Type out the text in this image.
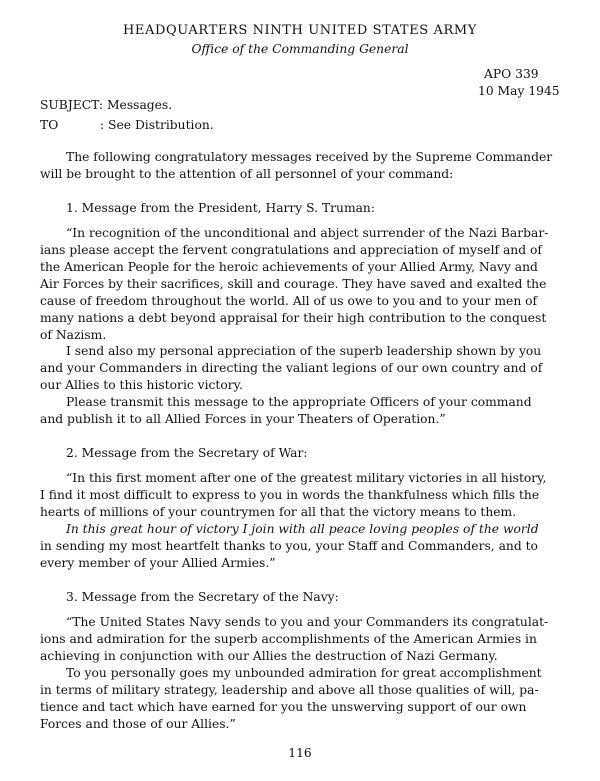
HEADQUARTERS NINTH UNITED STATES ARMY
Office of the Commanding General
APO 339
10 May 1945
SUBJECT: Messages.
TO	: See Distribution.
The following congratulatory messages received by the Supreme Commander
will be brought to the attention of all personnel of your command:
1. Message from the President, Harry S. Truman:
“In recognition of the unconditional and abject surrender of the Nazi Barbar-
ians please accept the fervent congratulations and appreciation of myself and of
the American People for the heroic achievements of your Allied Army, Navy and
Air Forces by their sacrifices, skill and courage. They have saved and exalted the
cause of freedom throughout the world. All of us owe to you and to your men of
many nations a debt beyond appraisal for their high contribution to the conquest
of Nazism.
I send also my personal appreciation of the superb leadership shown by you
and your Commanders in directing the valiant legions of our own country and of
our Allies to this historic victory.
Please transmit this message to the appropriate Officers of your command
and publish it to all Allied Forces in your Theaters of Operation.”
2. Message from the Secretary of War:
“In this first moment after one of the greatest military victories in all history,
I find it most difficult to express to you in words the thankfulness which fills the
hearts of millions of your countrymen for all that the victory means to them.
In this great hour of victory I join with all peace loving peoples of the world
in sending my most heartfelt thanks to you, your Staff and Commanders, and to
every member of your Allied Armies.”
3. Message from the Secretary of the Navy:
“The United States Navy sends to you and your Commanders its congratulat-
ions and admiration for the superb accomplishments of the American Armies in
achieving in conjunction with our Allies the destruction of Nazi Germany.
To you personally goes my unbounded admiration for great accomplishment
in terms of military strategy, leadership and above all those qualities of will, pa-
tience and tact which have earned for you the unswerving support of our own
Forces and those of our Allies.”
116
